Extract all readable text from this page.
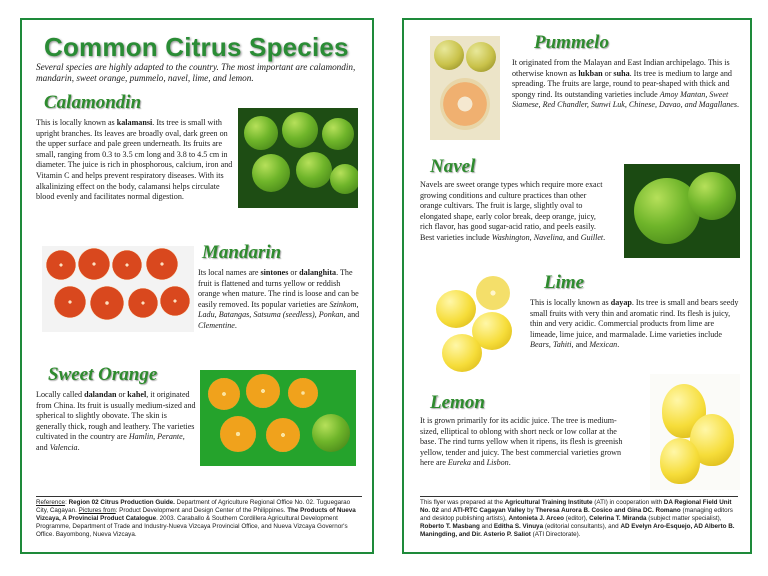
Common Citrus Species
Several species are highly adapted to the country. The most important are calamondin, mandarin, sweet orange, pummelo, navel, lime, and lemon.
Calamondin
This is locally known as kalamansi. Its tree is small with upright branches. Its leaves are broadly oval, dark green on the upper surface and pale green underneath. Its fruits are small, ranging from 0.3 to 3.5 cm long and 3.8 to 4.5 cm in diameter. The juice is rich in phosphorous, calcium, iron and Vitamin C and helps prevent respiratory diseases. With its alkalinizing effect on the body, calamansi helps circulate blood evenly and facilitates normal digestion.
Mandarin
Its local names are sintones or dalanghita. The fruit is flattened and turns yellow or reddish orange when mature. The rind is loose and can be easily removed. Its popular varieties are Szinkom, Ladu, Batangas, Satsuma (seedless), Ponkan, and Clementine.
Sweet Orange
Locally called dalandan or kahel, it originated from China. Its fruit is usually medium-sized and spherical to slightly obovate. The skin is generally thick, rough and leathery. The varieties cultivated in the country are Hamlin, Perante, and Valencia.
Reference: Region 02 Citrus Production Guide. Department of Agriculture Regional Office No. 02. Tuguegarao City, Cagayan. Pictures from: Product Development and Design Center of the Philippines. The Products of Nueva Vizcaya, A Provincial Product Catalogue. 2003. Caraballo & Southern Cordillera Agricultural Development Programme, Department of Trade and Industry-Nueva Vizcaya Provincial Office, and Nueva Vizcaya Governor's Office. Bayombong, Nueva Vizcaya.
Pummelo
It originated from the Malayan and East Indian archipelago. This is otherwise known as lukban or suha. Its tree is medium to large and spreading. The fruits are large, round to pear-shaped with thick and spongy rind. Its outstanding varieties include Amoy Mantan, Sweet Siamese, Red Chandler, Sunwi Luk, Chinese, Davao, and Magallanes.
Navel
Navels are sweet orange types which require more exact growing conditions and culture practices than other orange cultivars. The fruit is large, slightly oval to elongated shape, early color break, deep orange, juicy, rich flavor, has good sugar-acid ratio, and peels easily. Best varieties include Washington, Navelina, and Guillet.
Lime
This is locally known as dayap. Its tree is small and bears seedy small fruits with very thin and aromatic rind. Its flesh is juicy, thin and very acidic. Commercial products from lime are limeade, lime juice, and marmalade. Lime varieties include Bears, Tahiti, and Mexican.
Lemon
It is grown primarily for its acidic juice. The tree is medium-sized, elliptical to oblong with short neck or low collar at the base. The rind turns yellow when it ripens, its flesh is greenish yellow, tender and juicy. The best commercial varieties grown here are Eureka and Lisbon.
This flyer was prepared at the Agricultural Training Institute (ATI) in cooperation with DA Regional Field Unit No. 02 and ATI-RTC Cagayan Valley by Theresa Aurora B. Cosico and Gina DC. Romano (managing editors and desktop publishing artists), Antonieta J. Arceo (editor), Celerina T. Miranda (subject matter specialist), Roberto T. Masbang and Editha S. Vinuya (editorial consultants), and AD Evelyn Aro-Esquejo, AD Alberto B. Maningding, and Dir. Asterio P. Saliot (ATI Directorate).
